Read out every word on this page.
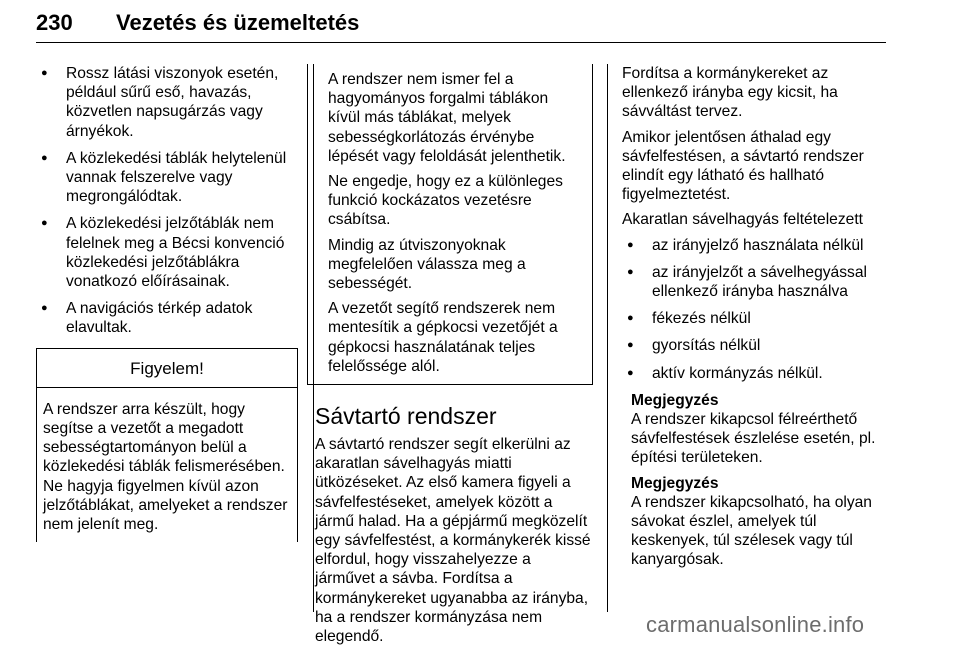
230 Vezetés és üzemeltetés
● Rossz látási viszonyok esetén, például sűrű eső, havazás, közvetlen napsugárzás vagy árnyékok.
● A közlekedési táblák helytelenül vannak felszerelve vagy megrongálódtak.
● A közlekedési jelzőtáblák nem felelnek meg a Bécsi konvenció közlekedési jelzőtáblákra vonatkozó előírásainak.
● A navigációs térkép adatok elavultak.
Figyelem!
A rendszer arra készült, hogy segítse a vezetőt a megadott sebességtartományon belül a közlekedési táblák felismerésében. Ne hagyja figyelmen kívül azon jelzőtáblákat, amelyeket a rendszer nem jelenít meg.

A rendszer nem ismer fel a hagyományos forgalmi táblákon kívül más táblákat, melyek sebességkorlátozás érvénybe lépését vagy feloldását jelenthetik.

Ne engedje, hogy ez a különleges funkció kockázatos vezetésre csábítsa.

Mindig az útviszonyoknak megfelelően válassza meg a sebességét.

A vezetőt segítő rendszerek nem mentesítik a gépkocsi vezetőjét a gépkocsi használatának teljes felelőssége alól.

Sávtartó rendszer

A sávtartó rendszer segít elkerülni az akaratlan sávelhagyás miatti ütközéseket. Az első kamera figyeli a sávfelfestéseket, amelyek között a jármű halad. Ha a gépjármű megközelít egy sávfelfestést, a kormánykerék kissé elfordul, hogy visszahelyezze a járművet a sávba. Fordítsa a kormánykereket ugyanabba az irányba, ha a rendszer kormányzása nem elegendő.

Fordítsa a kormánykereket az ellenkező irányba egy kicsit, ha sávváltást tervez.

Amikor jelentősen áthalad egy sávfelfestésen, a sávtartó rendszer elindít egy látható és hallható figyelmeztetést.

Akaratlan sávelhagyás feltételezett

● az irányjelző használata nélkül
● az irányjelzőt a sávelhegyással ellenkező irányba használva
● fékezés nélkül
● gyorsítás nélkül
● aktív kormányzás nélkül.
Megjegyzés
A rendszer kikapcsol félreérthető sávfelfestések észlelése esetén, pl. építési területeken.
Megjegyzés
A rendszer kikapcsolható, ha olyan sávokat észlel, amelyek túl keskenyek, túl szélesek vagy túl kanyargósak.
carmanualsonline.info
